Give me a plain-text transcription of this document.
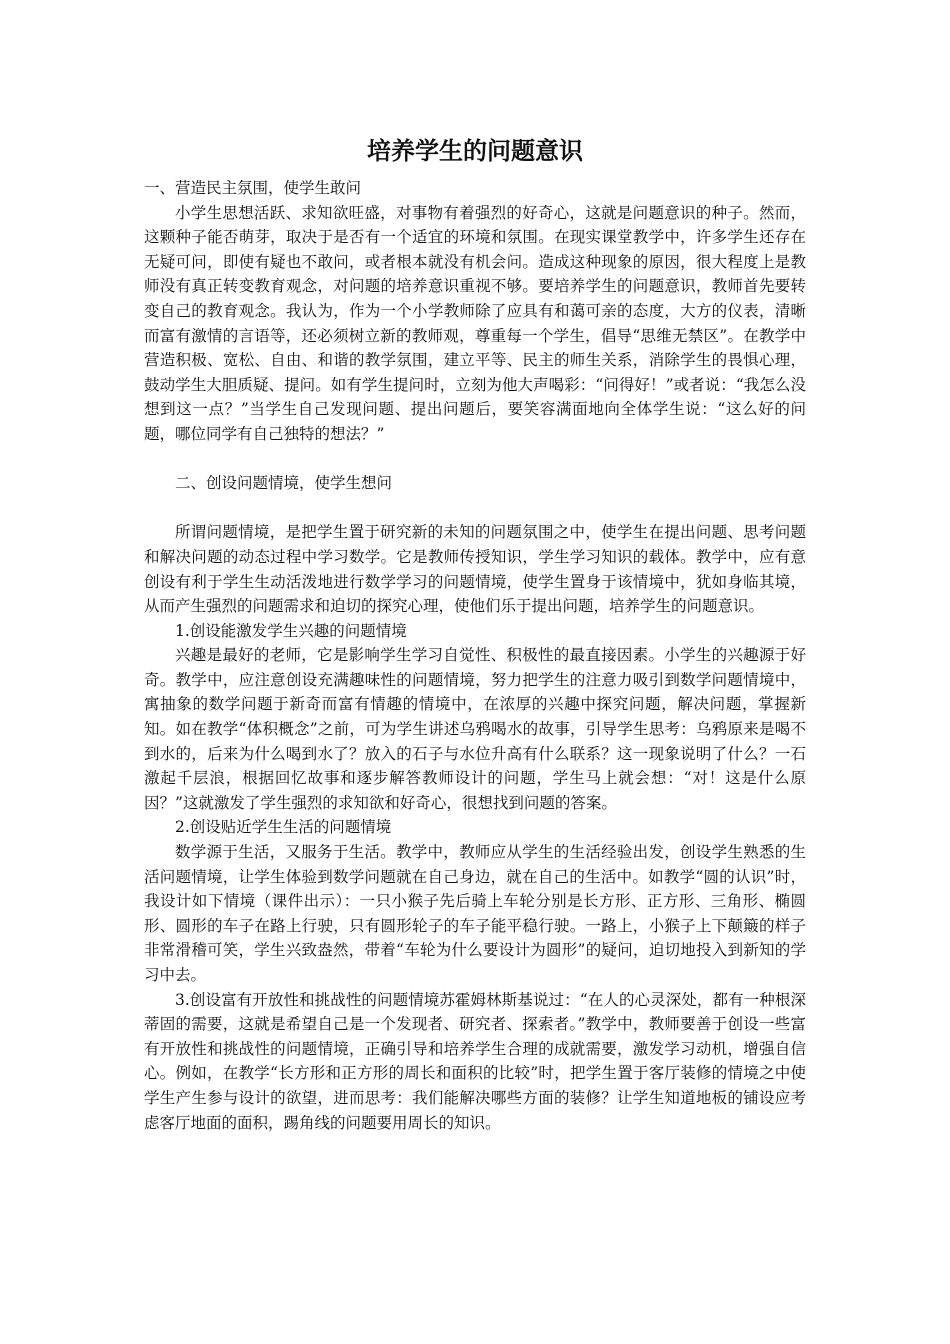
培养学生的问题意识

一、营造民主氛围，使学生敢问

小学生思想活跃、求知欲旺盛，对事物有着强烈的好奇心，这就是问题意识的种子。然而，这颗种子能否萌芽，取决于是否有一个适宜的环境和氛围。在现实课堂教学中，许多学生还存在无疑可问，即使有疑也不敢问，或者根本就没有机会问。造成这种现象的原因，很大程度上是教师没有真正转变教育观念，对问题的培养意识重视不够。要培养学生的问题意识，教师首先要转变自己的教育观念。我认为，作为一个小学教师除了应具有和蔼可亲的态度，大方的仪表，清晰而富有激情的言语等，还必须树立新的教师观，尊重每一个学生，倡导“思维无禁区”。在教学中营造积极、宽松、自由、和谐的教学氛围，建立平等、民主的师生关系，消除学生的畏惧心理，鼓动学生大胆质疑、提问。如有学生提问时，立刻为他大声喝彩：“问得好！”或者说：“我怎么没想到这一点？”当学生自己发现问题、提出问题后，要笑容满面地向全体学生说：“这么好的问题，哪位同学有自己独特的想法？”

二、创设问题情境，使学生想问

所谓问题情境，是把学生置于研究新的未知的问题氛围之中，使学生在提出问题、思考问题和解决问题的动态过程中学习数学。它是教师传授知识，学生学习知识的载体。教学中，应有意创设有利于学生生动活泼地进行数学学习的问题情境，使学生置身于该情境中，犹如身临其境，从而产生强烈的问题需求和迫切的探究心理，使他们乐于提出问题，培养学生的问题意识。

1.创设能激发学生兴趣的问题情境

兴趣是最好的老师，它是影响学生学习自觉性、积极性的最直接因素。小学生的兴趣源于好奇。教学中，应注意创设充满趣味性的问题情境，努力把学生的注意力吸引到数学问题情境中，寓抽象的数学问题于新奇而富有情趣的情境中，在浓厚的兴趣中探究问题，解决问题，掌握新知。如在教学“体积概念”之前，可为学生讲述乌鸦喝水的故事，引导学生思考：乌鸦原来是喝不到水的，后来为什么喝到水了？放入的石子与水位升高有什么联系？这一现象说明了什么？一石激起千层浪，根据回忆故事和逐步解答教师设计的问题，学生马上就会想：“对！这是什么原因？”这就激发了学生强烈的求知欲和好奇心，很想找到问题的答案。

2.创设贴近学生生活的问题情境

数学源于生活，又服务于生活。教学中，教师应从学生的生活经验出发，创设学生熟悉的生活问题情境，让学生体验到数学问题就在自己身边，就在自己的生活中。如教学“圆的认识”时，我设计如下情境（课件出示）：一只小猴子先后骑上车轮分别是长方形、正方形、三角形、椭圆形、圆形的车子在路上行驶，只有圆形轮子的车子能平稳行驶。一路上，小猴子上下颠簸的样子非常滑稽可笑，学生兴致盎然，带着“车轮为什么要设计为圆形”的疑问，迫切地投入到新知的学习中去。

3.创设富有开放性和挑战性的问题情境苏霍姆林斯基说过：“在人的心灵深处，都有一种根深蒂固的需要，这就是希望自己是一个发现者、研究者、探索者。”教学中，教师要善于创设一些富有开放性和挑战性的问题情境，正确引导和培养学生合理的成就需要，激发学习动机，增强自信心。例如，在教学“长方形和正方形的周长和面积的比较”时，把学生置于客厅装修的情境之中使学生产生参与设计的欲望，进而思考：我们能解决哪些方面的装修？让学生知道地板的铺设应考虑客厅地面的面积，踢角线的问题要用周长的知识。
